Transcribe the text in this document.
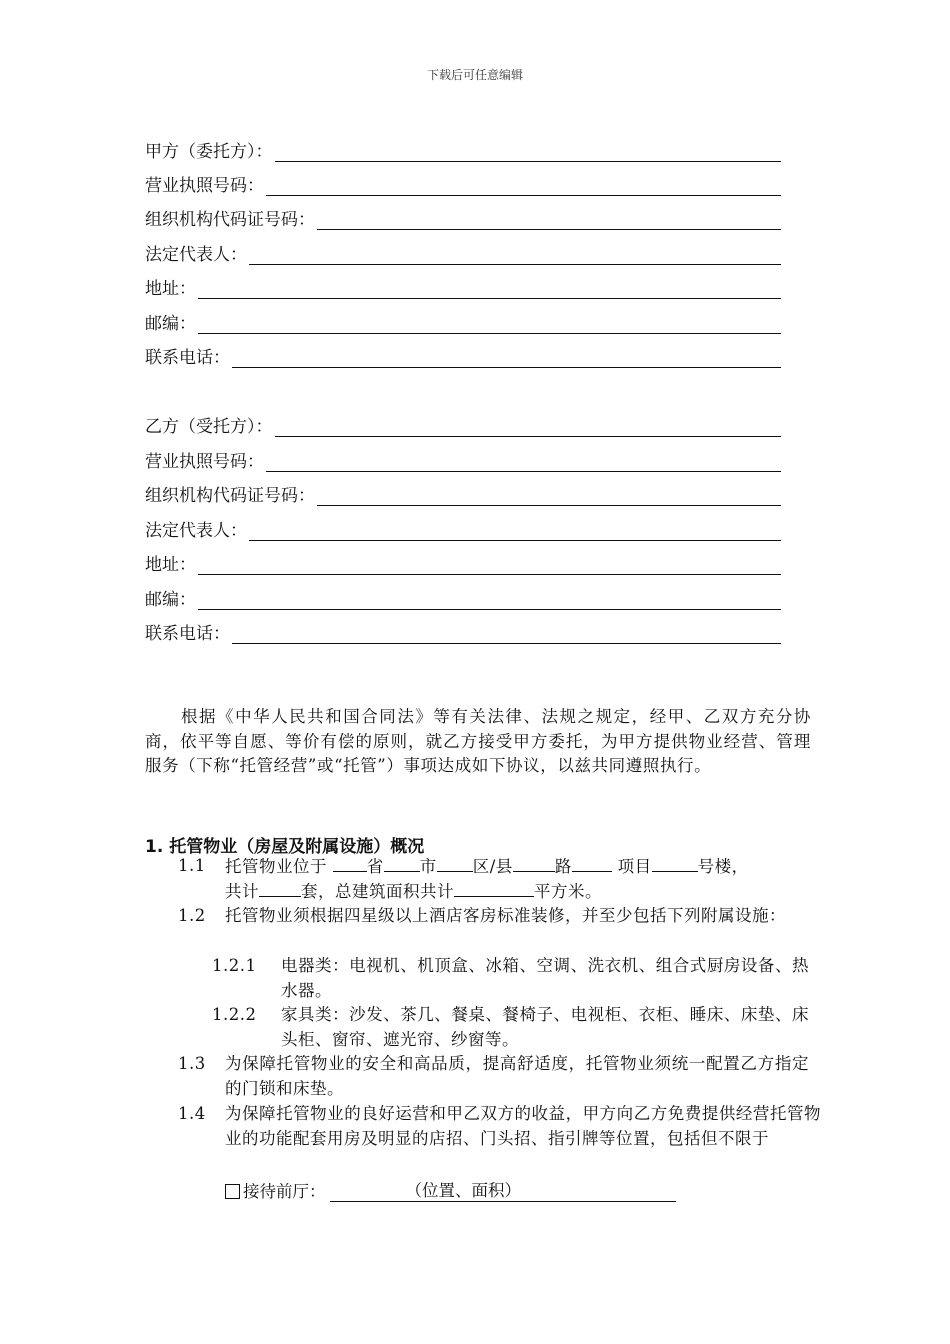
下载后可任意编辑
甲方（委托方）：
营业执照号码：
组织机构代码证号码：
法定代表人：
地址：
邮编：
联系电话：
乙方（受托方）：
营业执照号码：
组织机构代码证号码：
法定代表人：
地址：
邮编：
联系电话：
根据《中华人民共和国合同法》等有关法律、法规之规定，经甲、乙双方充分协商，依平等自愿、等价有偿的原则，就乙方接受甲方委托，为甲方提供物业经营、管理服务（下称“托管经营”或“托管”）事项达成如下协议，以兹共同遵照执行。
1. 托管物业（房屋及附属设施）概况
1.1 托管物业位于 省 市 区/县	路	项目	号楼，
共计	套，总建筑面积共计	平方米。
1.2 托管物业须根据四星级以上酒店客房标准装修，并至少包括下列附属设施：
1.2.1 电器类：电视机、机顶盒、冰箱、空调、洗衣机、组合式厨房设备、热水器。
1.2.2 家具类：沙发、茶几、餐桌、餐椅子、电视柜、衣柜、睡床、床垫、床头柜、窗帘、遮光帘、纱窗等。
1.3 为保障托管物业的安全和高品质，提高舒适度，托管物业须统一配置乙方指定的门锁和床垫。
1.4 为保障托管物业的良好运营和甲乙双方的收益，甲方向乙方免费提供经营托管物业的功能配套用房及明显的店招、门头招、指引牌等位置，包括但不限于
接待前厅：	（位置、面积）
